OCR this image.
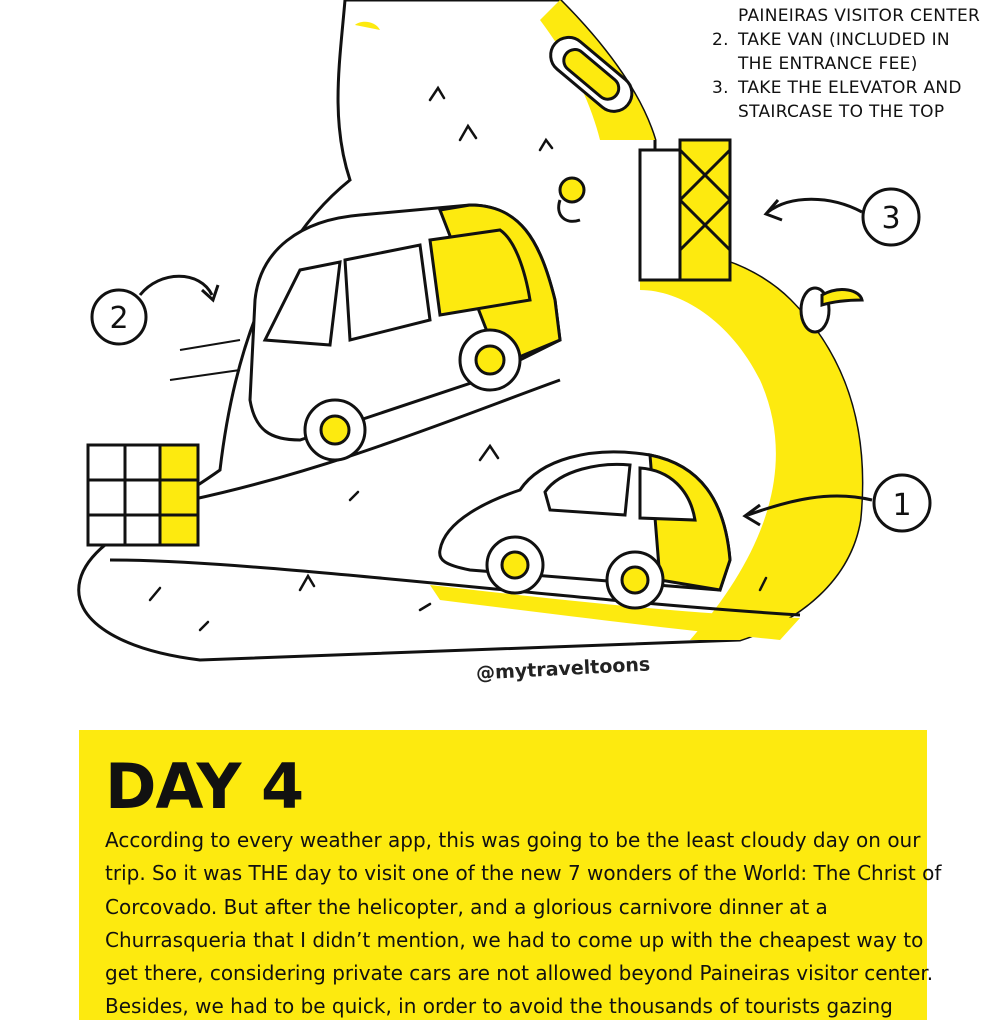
1
2
3
PAINEIRAS VISITOR CENTER
2. TAKE VAN (INCLUDED IN
THE ENTRANCE FEE)
3. TAKE THE ELEVATOR AND
STAIRCASE TO THE TOP
@mytraveltoons
DAY 4

According to every weather app, this was going to be the least cloudy day on our

trip. So it was THE day to visit one of the new 7 wonders of the World: The Christ of

Corcovado. But after the helicopter, and a glorious carnivore dinner at a

Churrasqueria that I didn’t mention, we had to come up with the cheapest way to

get there, considering private cars are not allowed beyond Paineiras visitor center.

Besides, we had to be quick, in order to avoid the thousands of tourists gazing
